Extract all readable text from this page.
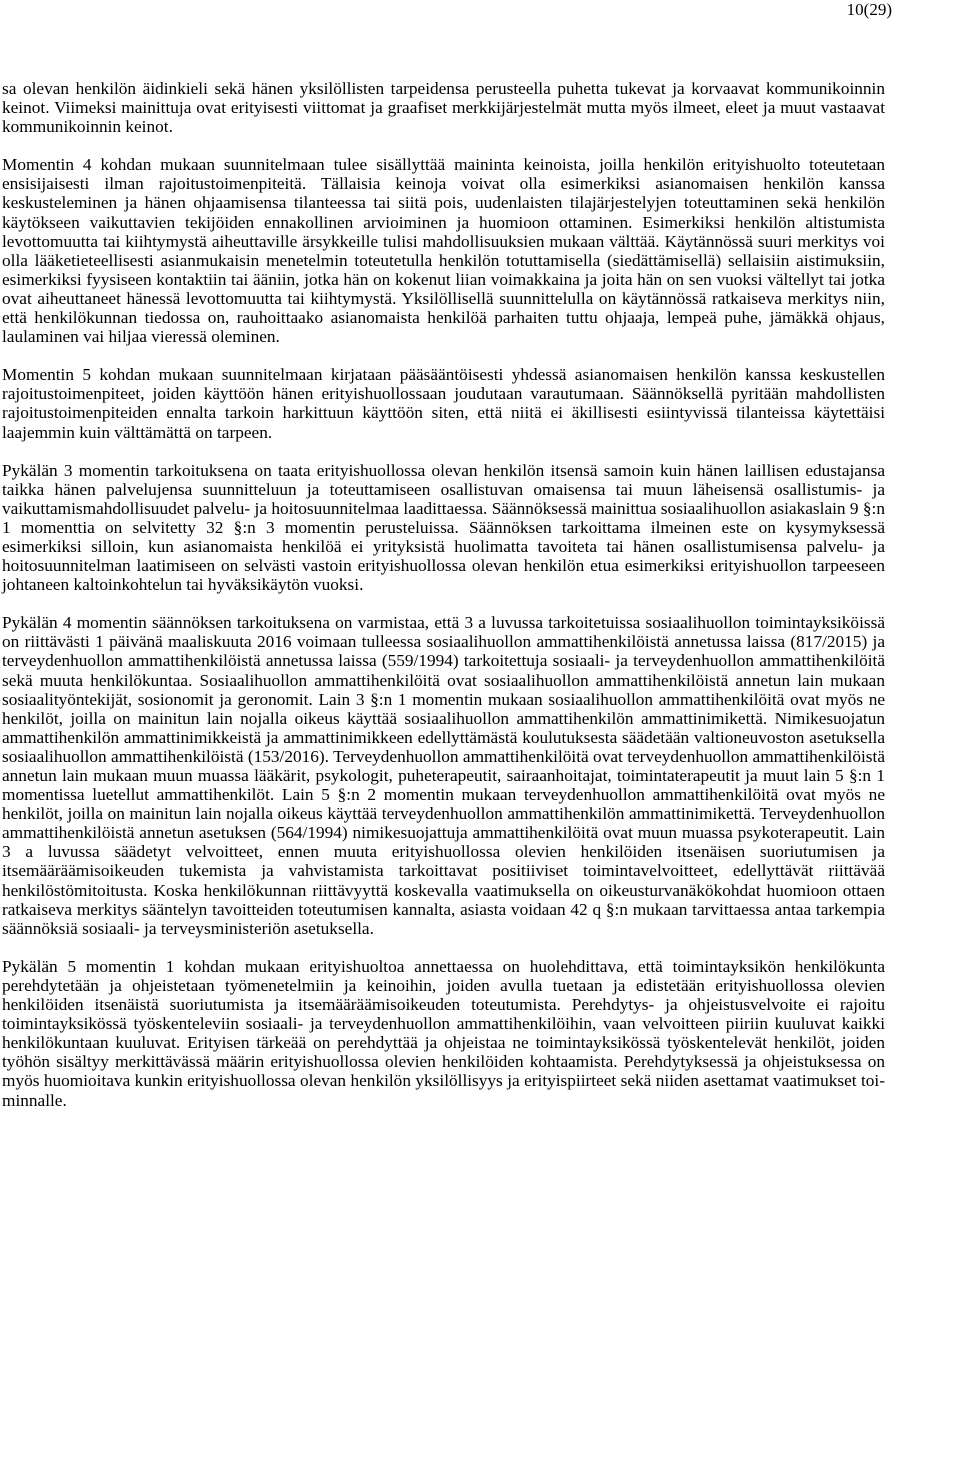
10(29)

sa olevan henkilön äidinkieli sekä hänen yksilöllisten tarpeidensa perusteella puhetta tukevat ja korvaavat kommunikoinnin keinot. Viimeksi mainittuja ovat erityisesti viittomat ja graafiset merkkijärjestelmät mutta myös ilmeet, eleet ja muut vastaavat kommunikoinnin keinot.

Momentin 4 kohdan mukaan suunnitelmaan tulee sisällyttää maininta keinoista, joilla henkilön erityishuolto toteutetaan ensisijaisesti ilman rajoitustoimenpiteitä. Tällaisia keinoja voivat olla esimerkiksi asianomaisen henkilön kanssa keskusteleminen ja hänen ohjaamisensa tilanteessa tai siitä pois, uudenlaisten tilajärjestelyjen toteuttaminen sekä henkilön käytökseen vaikuttavien tekijöiden ennakollinen arvioiminen ja huomioon ottaminen. Esimerkiksi henkilön altistumista levottomuutta tai kiihtymystä aiheuttaville ärsykkeille tulisi mahdollisuuksien mukaan välttää. Käytännössä suuri merkitys voi olla lääketieteellisesti asianmukaisin menetelmin toteutetulla henkilön totuttamisella (siedättämisellä) sellaisiin aistimuksiin, esimerkiksi fyysiseen kontaktiin tai ääniin, jotka hän on kokenut liian voimakkaina ja joita hän on sen vuoksi vältellyt tai jotka ovat aiheuttaneet hänessä levottomuutta tai kiihtymystä. Yksilöllisellä suunnittelulla on käytännössä ratkaiseva merkitys niin, että henkilökunnan tiedossa on, rauhoittaako asianomaista henkilöä parhaiten tuttu ohjaaja, lempeä puhe, jämäkkä ohjaus, laulaminen vai hiljaa vieressä oleminen.

Momentin 5 kohdan mukaan suunnitelmaan kirjataan pääsääntöisesti yhdessä asianomaisen henkilön kanssa keskustellen rajoitustoimenpiteet, joiden käyttöön hänen erityishuollossaan joudutaan varautumaan. Säännöksellä pyritään mahdollisten rajoitustoimenpiteiden ennalta tarkoin harkittuun käyttöön siten, että niitä ei äkillisesti esiintyvissä tilanteissa käytettäisi laajemmin kuin välttämättä on tarpeen.

Pykälän 3 momentin tarkoituksena on taata erityishuollossa olevan henkilön itsensä samoin kuin hänen laillisen edustajansa taikka hänen palvelujensa suunnitteluun ja toteuttamiseen osallistuvan omaisensa tai muun läheisensä osallistumis- ja vaikuttamismahdollisuudet palvelu- ja hoitosuunnitelmaa laadittaessa. Säännöksessä mainittua sosiaalihuollon asiakaslain 9 §:n 1 momenttia on selvitetty 32 §:n 3 momentin perusteluissa. Säännöksen tarkoittama ilmeinen este on kysymyksessä esimerkiksi silloin, kun asianomaista henkilöä ei yrityksistä huolimatta tavoiteta tai hänen osallistumisensa palvelu- ja hoitosuunnitelman laatimiseen on selvästi vastoin erityishuollossa olevan henkilön etua esimerkiksi erityishuollon tarpeeseen johtaneen kaltoinkohtelun tai hyväksikäytön vuoksi.

Pykälän 4 momentin säännöksen tarkoituksena on varmistaa, että 3 a luvussa tarkoitetuissa sosiaalihuollon toimintayksiköissä on riittävästi 1 päivänä maaliskuuta 2016 voimaan tulleessa sosiaalihuollon ammattihenkilöistä annetussa laissa (817/2015) ja terveydenhuollon ammattihenkilöistä annetussa laissa (559/1994) tarkoitettuja sosiaali- ja terveydenhuollon ammattihenkilöitä sekä muuta henkilökuntaa. Sosiaalihuollon ammattihenkilöitä ovat sosiaalihuollon ammattihenkilöistä annetun lain mukaan sosiaalityöntekijät, sosionomit ja geronomit. Lain 3 §:n 1 momentin mukaan sosiaalihuollon ammattihenkilöitä ovat myös ne henkilöt, joilla on mainitun lain nojalla oikeus käyttää sosiaalihuollon ammattihenkilön ammattinimikettä. Nimikesuojatun ammattihenkilön ammattinimikkeistä ja ammattinimikkeen edellyttämästä koulutuksesta säädetään valtioneuvoston asetuksella sosiaalihuollon ammattihenkilöistä (153/2016). Terveydenhuollon ammattihenkilöitä ovat terveydenhuollon ammattihenkilöistä annetun lain mukaan muun muassa lääkärit, psykologit, puheterapeutit, sairaanhoitajat, toimintaterapeutit ja muut lain 5 §:n 1 momentissa luetellut ammattihenkilöt. Lain 5 §:n 2 momentin mukaan terveydenhuollon ammattihenkilöitä ovat myös ne henkilöt, joilla on mainitun lain nojalla oikeus käyttää terveydenhuollon ammattihenkilön ammattinimikettä. Terveydenhuollon ammattihenkilöistä annetun asetuksen (564/1994) nimikesuojattuja ammattihenkilöitä ovat muun muassa psykoterapeutit. Lain 3 a luvussa säädetyt velvoitteet, ennen muuta erityishuollossa olevien henkilöiden itsenäisen suoriutumisen ja itsemääräämisoikeuden tukemista ja vahvistamista tarkoittavat positiiviset toimintavelvoitteet, edellyttävät riittävää henkilöstömitoitusta. Koska henkilökunnan riittävyyttä koskevalla vaatimuksella on oikeusturvanäkökohdat huomioon ottaen ratkaiseva merkitys sääntelyn tavoitteiden toteutumisen kannalta, asiasta voidaan 42 q §:n mukaan tarvittaessa antaa tarkempia säännöksiä sosiaali- ja terveysministeriön asetuksella.

Pykälän 5 momentin 1 kohdan mukaan erityishuoltoa annettaessa on huolehdittava, että toimintayksikön henkilökunta perehdytetään ja ohjeistetaan työmenetelmiin ja keinoihin, joiden avulla tuetaan ja edistetään erityishuollossa olevien henkilöiden itsenäistä suoriutumista ja itsemääräämisoikeuden toteutumista. Perehdytys- ja ohjeistusvelvoite ei rajoitu toimintayksikössä työskenteleviin sosiaali- ja terveydenhuollon ammattihenkilöihin, vaan velvoitteen piiriin kuuluvat kaikki henkilökuntaan kuuluvat. Erityisen tärkeää on perehdyttää ja ohjeistaa ne toimintayksikössä työskentelevät henkilöt, joiden työhön sisältyy merkittävässä määrin erityishuollossa olevien henkilöiden kohtaamista. Perehdytyksessä ja ohjeistuksessa on myös huomioitava kunkin erityishuollossa olevan henkilön yksilöllisyys ja erityispiirteet sekä niiden asettamat vaatimukset toiminnalle.
